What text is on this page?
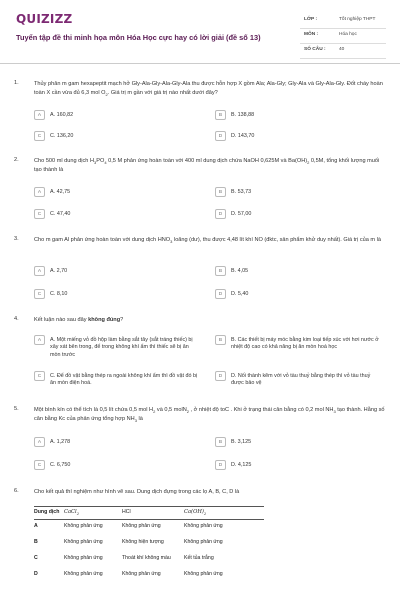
QUIZIZZ
Tuyển tập đề thi minh họa môn Hóa Học cực hay có lời giải (đề số 13)
LỚP :	Tốt nghiệp THPT
MÔN :	Hóa học
SỐ CÂU :	40
1.	Thủy phân m gam hexapeptit mạch hở Gly-Ala-Gly-Ala-Gly-Ala thu được hỗn hợp X gồm Ala; Ala-Gly; Gly-Ala và Gly-Ala-Gly. Đốt cháy hoàn toàn X cần vừa đủ 6,3 mol $O_2$. Giá trị m gần với giá trị nào nhất dưới đây?
A	A. 160,82	B	B. 138,88
C	C. 136,20	D	D. 143,70
2.	Cho 500 ml dung dịch $H_3PO_4$ 0,5 M phản ứng hoàn toàn với 400 ml dung dịch chứa NaOH 0,625M và $Ba(OH)_2$ 0,5M, tổng khối lượng muối tạo thành là
A	A. 42,75	B	B. 53,73
C	C. 47,40	D	D. 57,00
3.	Cho m gam Al phản ứng hoàn toàn với dung dịch $HNO_3$ loãng (dư), thu được 4,48 lít khí NO (đktc, sản phẩm khử duy nhất). Giá trị của m là
A	A. 2,70	B	B. 4,05
C	C. 8,10	D	D. 5,40
4.	Kết luận nào sau đây không đúng?
A	A. Một miếng vỏ đồ hộp làm bằng sắt tây (sắt tráng thiếc) bị xây xát bên trong, để trong không khí ẩm thì thiếc sẽ bị ăn mòn trước
B	B. Các thiết bị máy móc bằng kim loại tiếp xúc với hơi nước ở nhiệt độ cao có khả năng bị ăn mòn hoá học
C	C. Để đồ vật bằng thép ra ngoài không khí ẩm thì đồ vật đó bị ăn mòn điện hoá.
D	D. Nối thành kẽm với vỏ tàu thuỷ bằng thép thì vỏ tàu thuỷ được bảo vệ
5.	Một bình kín có thể tích là 0,5 lít chứa 0,5 mol $H_2$ và 0,5 molN$_2$ , ở nhiệt độ toC . Khi ở trạng thái cân bằng có 0,2 mol $NH_3$ tạo thành. Hằng số cân bằng Kc của phản ứng tổng hợp $NH_3$ là
A	A. 1,278	B	B. 3,125
C	C. 6,750	D	D. 4,125
6.	Cho kết quả thí nghiệm như hình vẽ sau. Dung dịch đựng trong các lọ A, B, C, D là
Dung dịch CaCl$_2$	HCl	$Ca(OH)_2$
A	Không phản ứng	Không phản ứng	Không phản ứng
B	Không phản ứng	Không hiện tượng	Không phản ứng
C	Không phản ứng	Thoát khí không màu	Kết tủa trắng
D	Không phản ứng	Không phản ứng	Không phản ứng
